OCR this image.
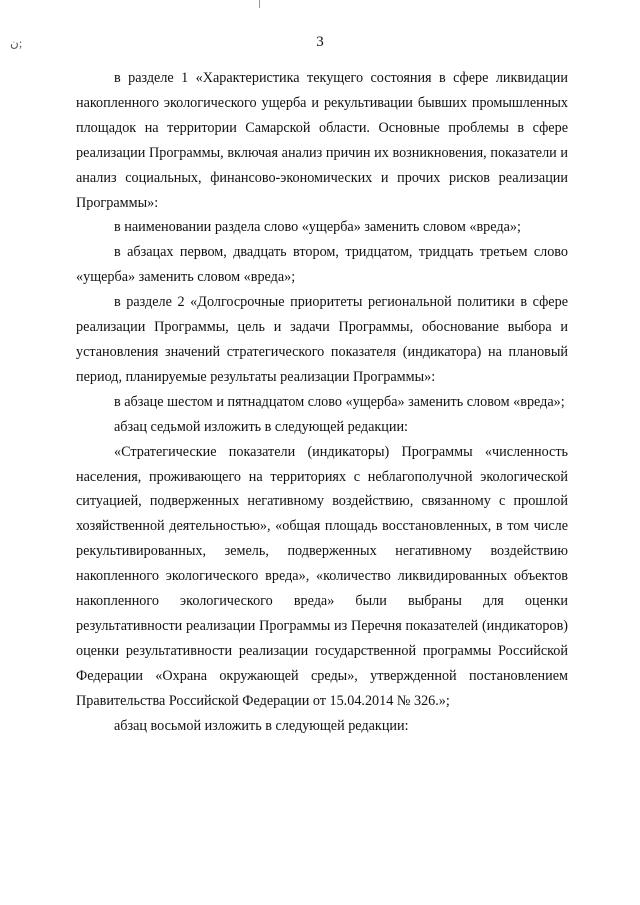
ن;	3

в разделе 1 «Характеристика текущего состояния в сфере ликвидации накопленного экологического ущерба и рекультивации бывших промышленных площадок на территории Самарской области. Основные проблемы в сфере реализации Программы, включая анализ причин их возникновения, показатели и анализ социальных, финансово-экономических и прочих рисков реализации Программы»:

в наименовании раздела слово «ущерба» заменить словом «вреда»;

в абзацах первом, двадцать втором, тридцатом, тридцать третьем слово «ущерба» заменить словом «вреда»;

в разделе 2 «Долгосрочные приоритеты региональной политики в сфере реализации Программы, цель и задачи Программы, обоснование выбора и установления значений стратегического показателя (индикатора) на плановый период, планируемые результаты реализации Программы»:

в абзаце шестом и пятнадцатом слово «ущерба» заменить словом «вреда»;

абзац седьмой изложить в следующей редакции:

«Стратегические показатели (индикаторы) Программы «численность населения, проживающего на территориях с неблагополучной экологической ситуацией, подверженных негативному воздействию, связанному с прошлой хозяйственной деятельностью», «общая площадь восстановленных, в том числе рекультивированных, земель, подверженных негативному воздействию накопленного экологического вреда», «количество ликвидированных объектов накопленного экологического вреда» были выбраны для оценки результативности реализации Программы из Перечня показателей (индикаторов) оценки результативности реализации государственной программы Российской Федерации «Охрана окружающей среды», утвержденной постановлением Правительства Российской Федерации от 15.04.2014 № 326.»;

абзац восьмой изложить в следующей редакции:
